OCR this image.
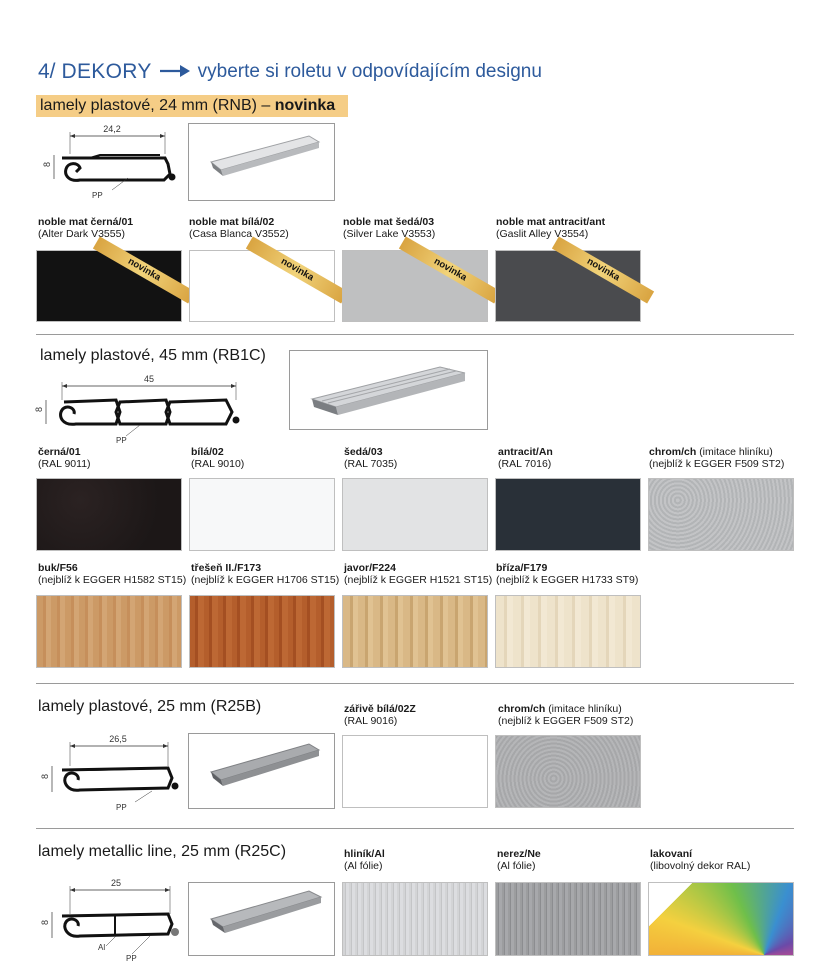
4/ DEKORY vyberte si roletu v odpovídajícím designu
lamely plastové, 24 mm (RNB) – novinka
24,2
8
PP
noble mat černá/01
(Alter Dark V3555)
noble mat bílá/02
(Casa Blanca V3552)
noble mat šedá/03
(Silver Lake V3553)
noble mat antracit/ant
(Gaslit Alley V3554)
novinka	novinka	novinka	novinka
lamely plastové, 45 mm (RB1C)
45
8
PP
černá/01
(RAL 9011)
bílá/02
(RAL 9010)
šedá/03
(RAL 7035)
antracit/An
(RAL 7016)
chrom/ch (imitace hliníku)
(nejblíž k EGGER F509 ST2)
buk/F56
(nejblíž k EGGER H1582 ST15)
třešeň II./F173
(nejblíž k EGGER H1706 ST15)
javor/F224
(nejblíž k EGGER H1521 ST15)
bříza/F179
(nejblíž k EGGER H1733 ST9)
lamely plastové, 25 mm (R25B)
26,5
8
PP
zářivě bílá/02Z
(RAL 9016)
chrom/ch (imitace hliníku)
(nejblíž k EGGER F509 ST2)
lamely metallic line, 25 mm (R25C)
25
8
Al
PP
hliník/Al
(Al fólie)
nerez/Ne
(Al fólie)
lakovaní
(libovolný dekor RAL)
